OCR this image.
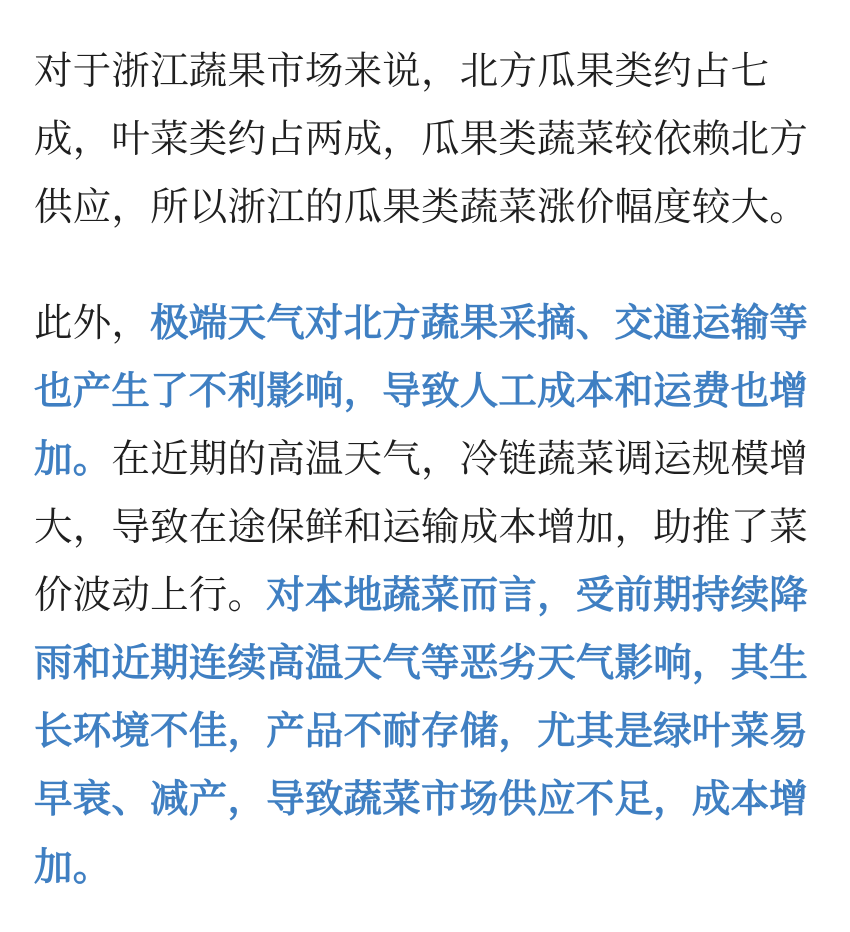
对于浙江蔬果市场来说，北方瓜果类约占七成，叶菜类约占两成，瓜果类蔬菜较依赖北方供应，所以浙江的瓜果类蔬菜涨价幅度较大。

此外，极端天气对北方蔬果采摘、交通运输等也产生了不利影响，导致人工成本和运费也增加。在近期的高温天气，冷链蔬菜调运规模增大，导致在途保鲜和运输成本增加，助推了菜价波动上行。对本地蔬菜而言，受前期持续降雨和近期连续高温天气等恶劣天气影响，其生长环境不佳，产品不耐存储，尤其是绿叶菜易早衰、减产，导致蔬菜市场供应不足，成本增加。
